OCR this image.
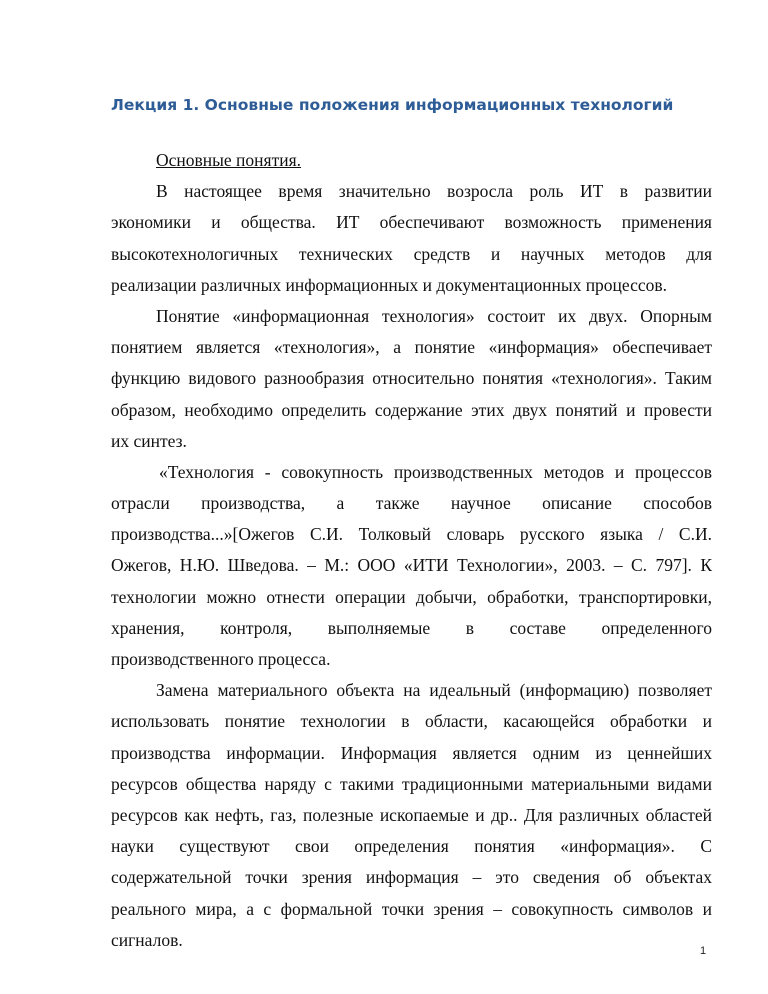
Лекция 1. Основные положения информационных технологий
Основные понятия.
В настоящее время значительно возросла роль ИТ в развитии
экономики и общества. ИТ обеспечивают возможность применения
высокотехнологичных технических средств и научных методов для
реализации различных информационных и документационных процессов.
Понятие «информационная технология» состоит их двух. Опорным
понятием является «технология», а понятие «информация» обеспечивает
функцию видового разнообразия относительно понятия «технология». Таким
образом, необходимо определить содержание этих двух понятий и провести
их синтез.
«Технология - совокупность производственных методов и процессов
отрасли производства, а также научное описание способов
производства...»[Ожегов С.И. Толковый словарь русского языка / С.И.
Ожегов, Н.Ю. Шведова. – М.: ООО «ИТИ Технологии», 2003. – С. 797]. К
технологии можно отнести операции добычи, обработки, транспортировки,
хранения, контроля, выполняемые в составе определенного
производственного процесса.
Замена материального объекта на идеальный (информацию) позволяет
использовать понятие технологии в области, касающейся обработки и
производства информации. Информация является одним из ценнейших
ресурсов общества наряду с такими традиционными материальными видами
ресурсов как нефть, газ, полезные ископаемые и др.. Для различных областей
науки существуют свои определения понятия «информация». С
содержательной точки зрения информация – это сведения об объектах
реального мира, а с формальной точки зрения – совокупность символов и
сигналов.
1
